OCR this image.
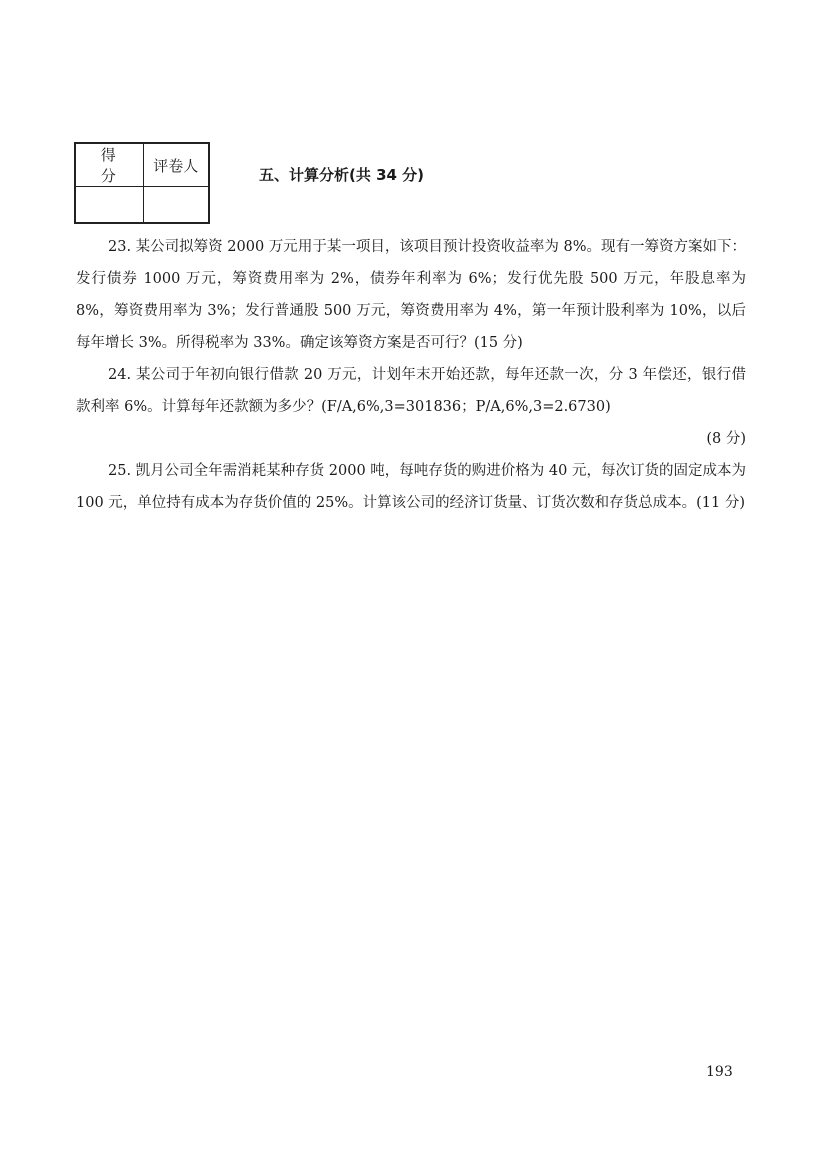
得 分	评卷人

五、计算分析(共 34 分)

23. 某公司拟筹资 2000 万元用于某一项目，该项目预计投资收益率为 8%。现有一筹资方案如下：发行债券 1000 万元，筹资费用率为 2%，债券年利率为 6%；发行优先股 500 万元，年股息率为 8%，筹资费用率为 3%；发行普通股 500 万元，筹资费用率为 4%，第一年预计股利率为 10%，以后每年增长 3%。所得税率为 33%。确定该筹资方案是否可行？(15 分)

24. 某公司于年初向银行借款 20 万元，计划年末开始还款，每年还款一次，分 3 年偿还，银行借款利率 6%。计算每年还款额为多少？(F/A,6%,3=301836；P/A,6%,3=2.6730)

(8 分)

25. 凯月公司全年需消耗某种存货 2000 吨，每吨存货的购进价格为 40 元，每次订货的固定成本为 100 元，单位持有成本为存货价值的 25%。计算该公司的经济订货量、订货次数和存货总成本。(11 分)

193
